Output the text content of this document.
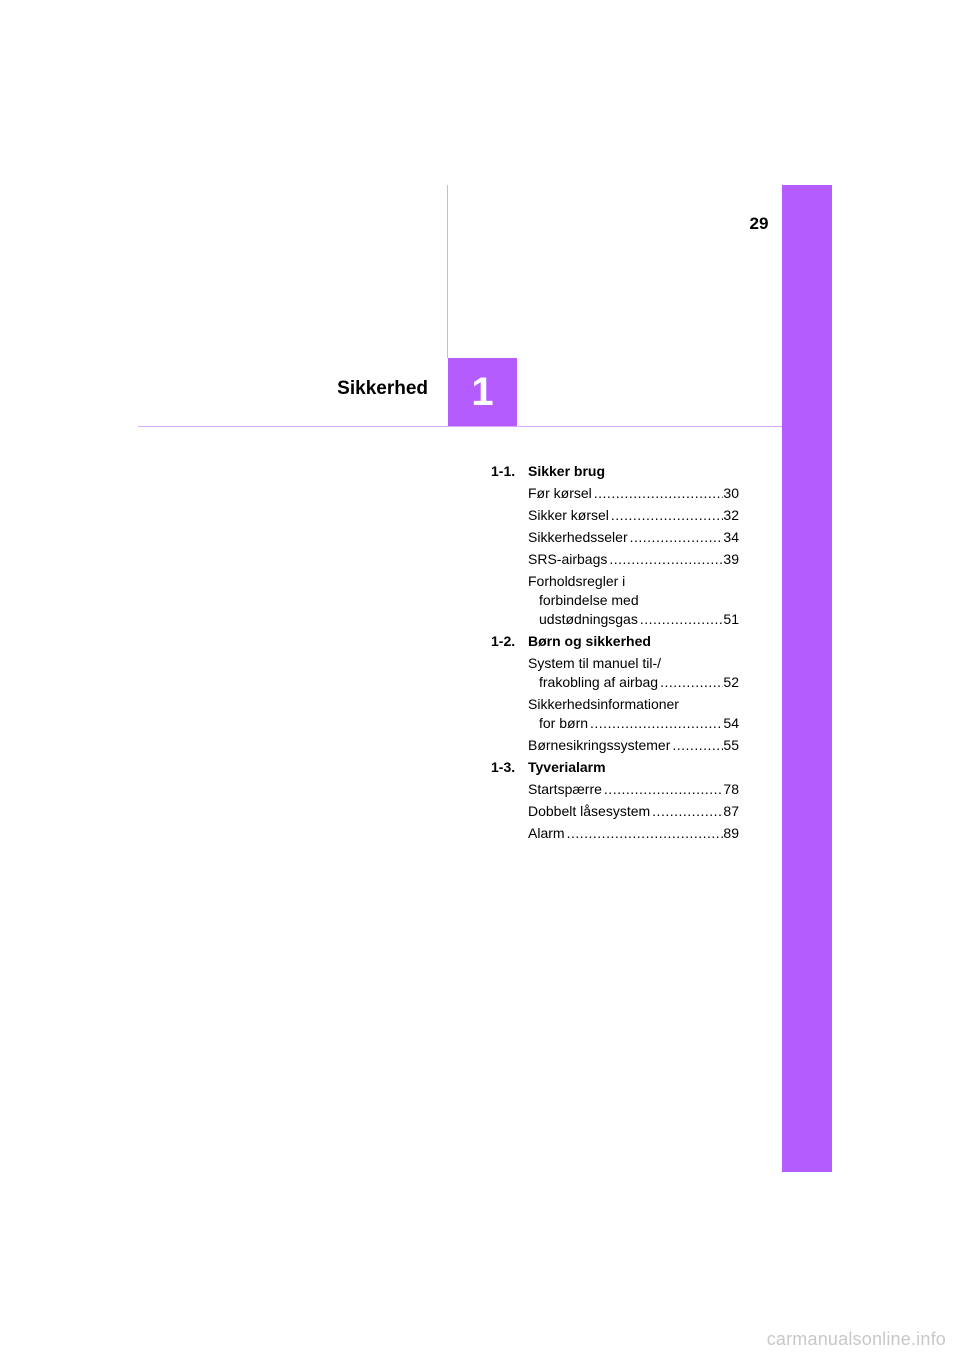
29
1
Sikkerhed
1-1. Sikker brug
Før kørsel .....	30
Sikker kørsel .....	32
Sikkerhedsseler .....	34
SRS-airbags .....	39
Forholdsregler i
forbindelse med
udstødningsgas .....	51
1-2. Børn og sikkerhed
System til manuel til-/
frakobling af airbag .....	52
Sikkerhedsinformationer
for børn .....	54
Børnesikringssystemer .....	55
1-3. Tyverialarm
Startspærre .....	78
Dobbelt låsesystem .....	87
Alarm .....	89
carmanualsonline.info
